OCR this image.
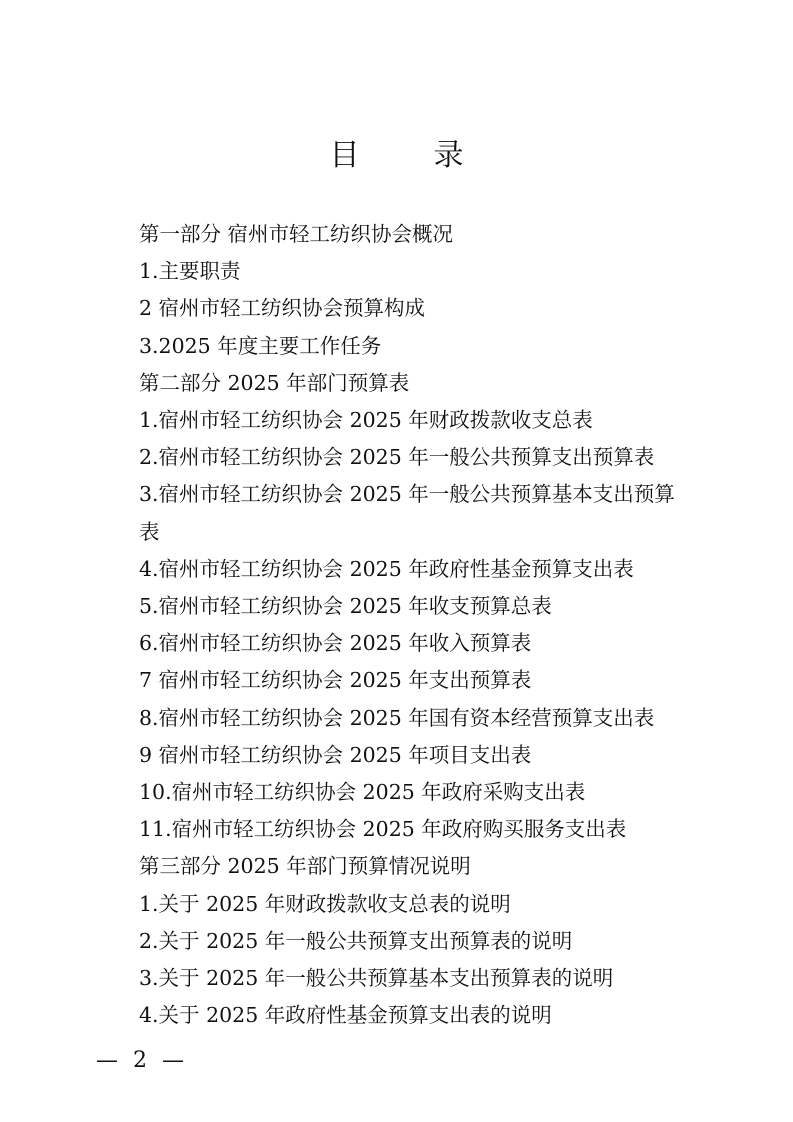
目　录
第一部分 宿州市轻工纺织协会概况
1.主要职责
2 宿州市轻工纺织协会预算构成
3.2025 年度主要工作任务
第二部分 2025 年部门预算表
1.宿州市轻工纺织协会 2025 年财政拨款收支总表
2.宿州市轻工纺织协会 2025 年一般公共预算支出预算表
3.宿州市轻工纺织协会 2025 年一般公共预算基本支出预算
表
4.宿州市轻工纺织协会 2025 年政府性基金预算支出表
5.宿州市轻工纺织协会 2025 年收支预算总表
6.宿州市轻工纺织协会 2025 年收入预算表
7 宿州市轻工纺织协会 2025 年支出预算表
8.宿州市轻工纺织协会 2025 年国有资本经营预算支出表
9 宿州市轻工纺织协会 2025 年项目支出表
10.宿州市轻工纺织协会 2025 年政府采购支出表
11.宿州市轻工纺织协会 2025 年政府购买服务支出表
第三部分 2025 年部门预算情况说明
1.关于 2025 年财政拨款收支总表的说明
2.关于 2025 年一般公共预算支出预算表的说明
3.关于 2025 年一般公共预算基本支出预算表的说明
4.关于 2025 年政府性基金预算支出表的说明
— 2 —
